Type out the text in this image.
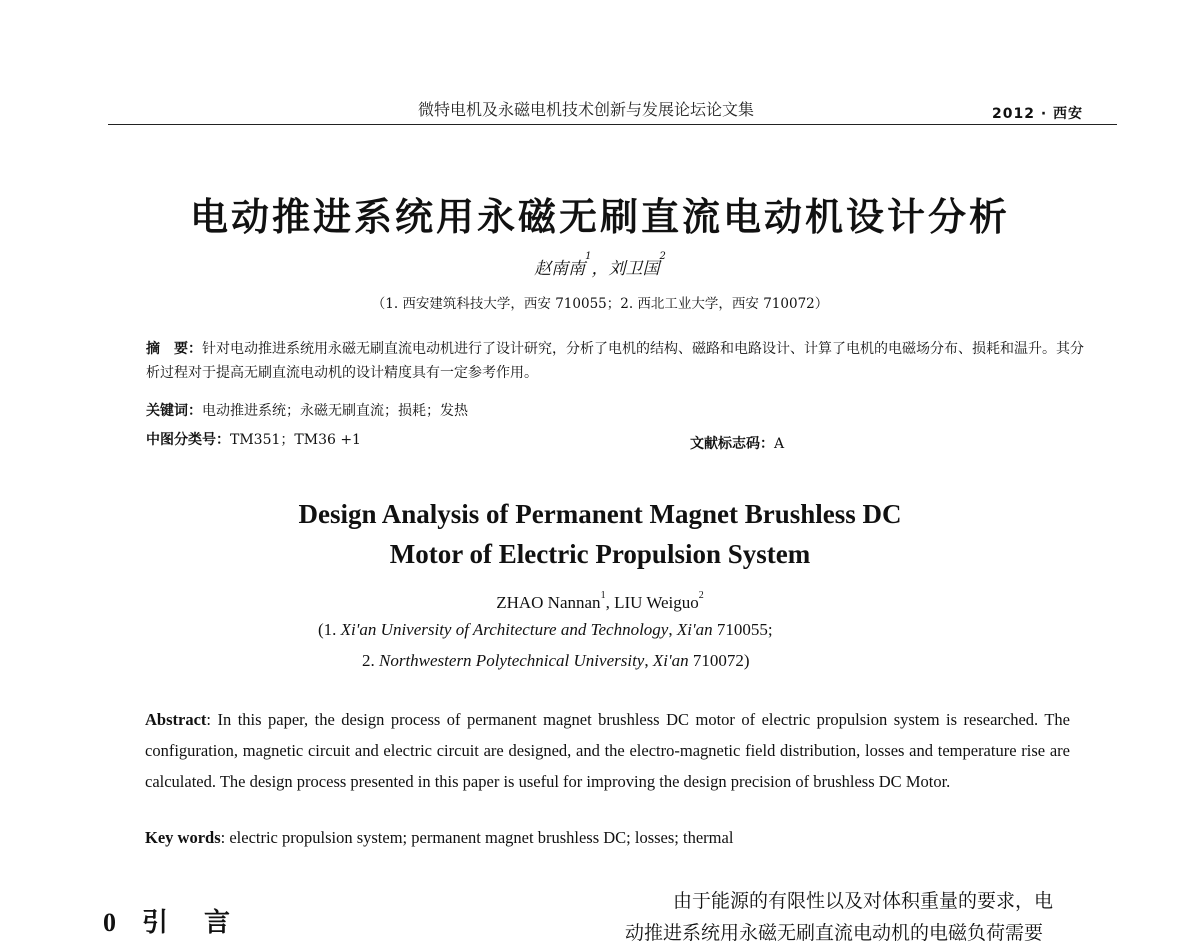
微特电机及永磁电机技术创新与发展论坛论文集	2012 · 西安
电动推进系统用永磁无刷直流电动机设计分析
赵南南$^1$，刘卫国$^2$
（1. 西安建筑科技大学，西安 710055；2. 西北工业大学，西安 710072）
摘　要：针对电动推进系统用永磁无刷直流电动机进行了设计研究，分析了电机的结构、磁路和电路设计、计算了电机的电磁场分布、损耗和温升。其分析过程对于提高无刷直流电动机的设计精度具有一定参考作用。
关键词：电动推进系统；永磁无刷直流；损耗；发热
中图分类号：TM351；TM36 +1	文献标志码：A
Design Analysis of Permanent Magnet Brushless DC
Motor of Electric Propulsion System
ZHAO Nannan$^1$, LIU Weiguo$^2$
(1. Xi'an University of Architecture and Technology, Xi'an 710055;
2. Northwestern Polytechnical University, Xi'an 710072)
Abstract: In this paper, the design process of permanent magnet brushless DC motor of electric propulsion system is researched. The configuration, magnetic circuit and electric circuit are designed, and the electro-magnetic field distribution, losses and temperature rise are calculated. The design process presented in this paper is useful for improving the design precision of brushless DC Motor.
Key words: electric propulsion system; permanent magnet brushless DC; losses; thermal
0 引 言
由于能源的有限性以及对体积重量的要求，电
动推进系统用永磁无刷直流电动机的电磁负荷需要
